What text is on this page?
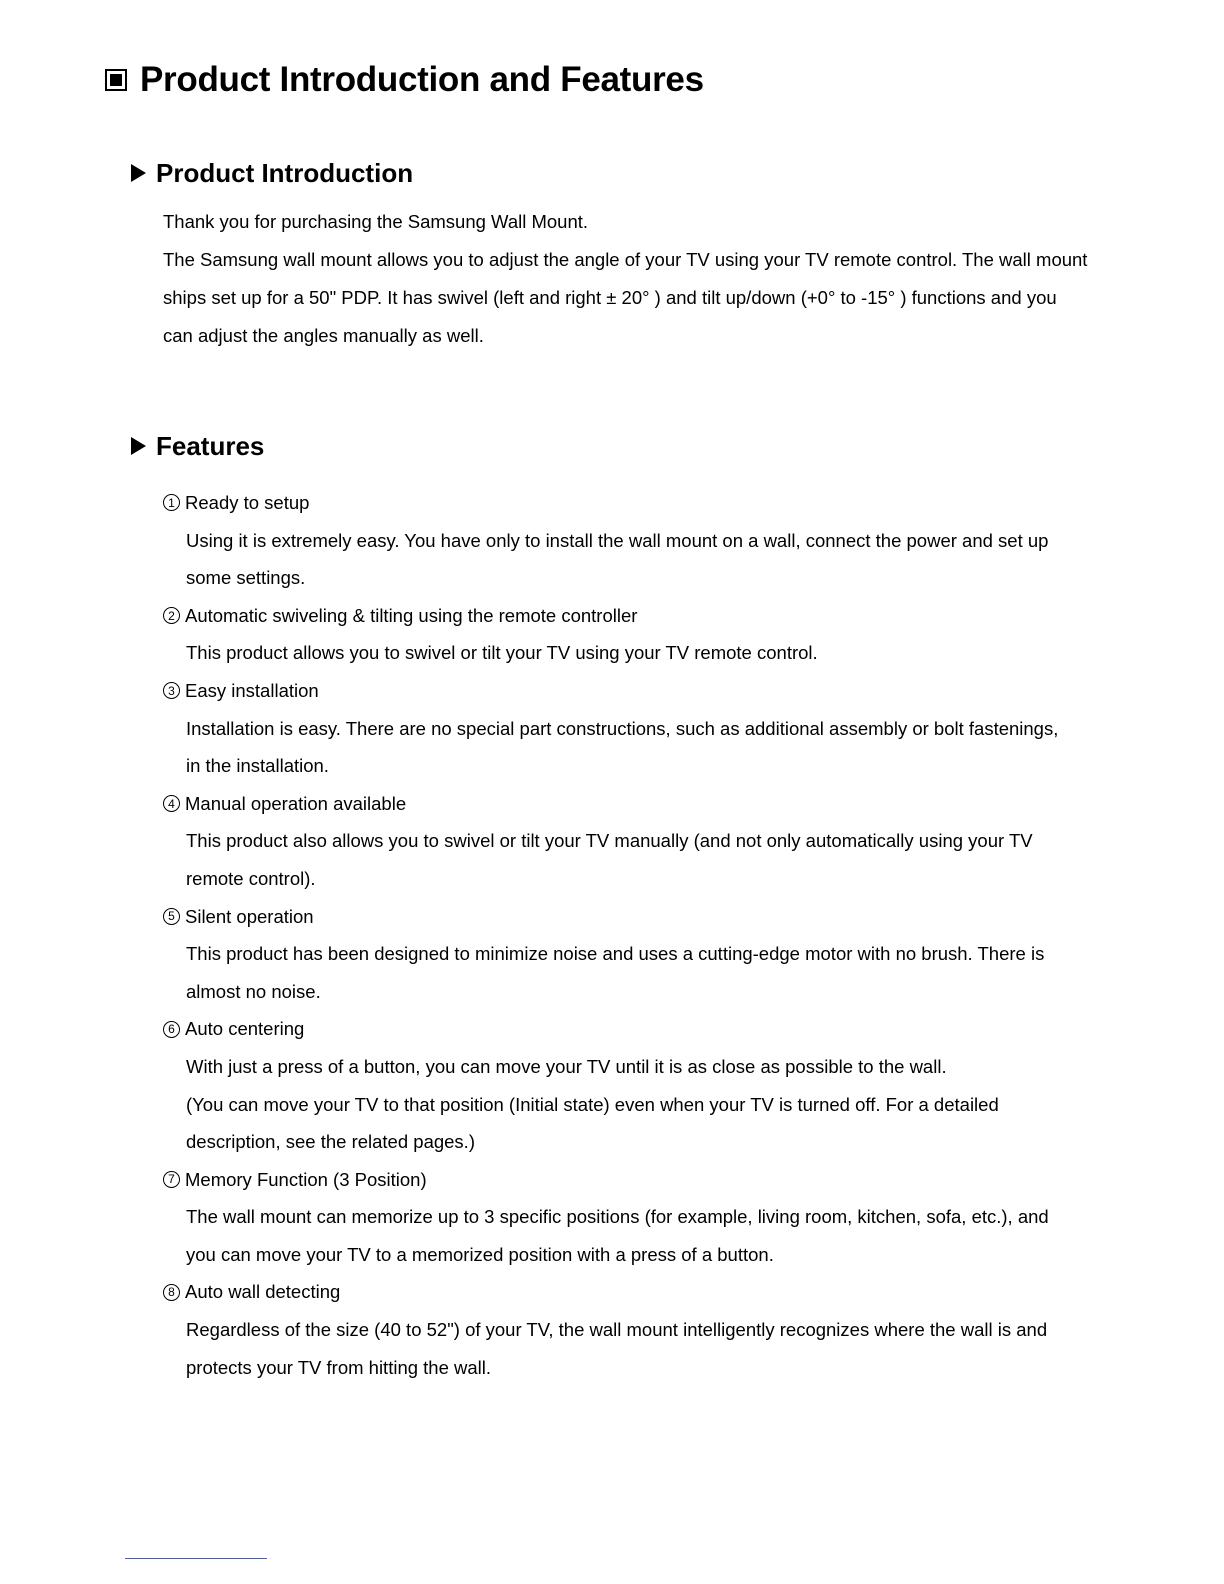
Product Introduction and Features
Product Introduction

Thank you for purchasing the Samsung Wall Mount.
The Samsung wall mount allows you to adjust the angle of your TV using your TV remote control. The wall mount
ships set up for a 50" PDP. It has swivel (left and right ± 20° ) and tilt up/down (+0° to -15° ) functions and you
can adjust the angles manually as well.

Features
1 Ready to setup
Using it is extremely easy. You have only to install the wall mount on a wall, connect the power and set up
some settings.
2 Automatic swiveling & tilting using the remote controller
This product allows you to swivel or tilt your TV using your TV remote control.
3 Easy installation
Installation is easy. There are no special part constructions, such as additional assembly or bolt fastenings,
in the installation.
4 Manual operation available
This product also allows you to swivel or tilt your TV manually (and not only automatically using your TV
remote control).
5 Silent operation
This product has been designed to minimize noise and uses a cutting-edge motor with no brush. There is
almost no noise.
6 Auto centering
With just a press of a button, you can move your TV until it is as close as possible to the wall.
(You can move your TV to that position (Initial state) even when your TV is turned off. For a detailed
description, see the related pages.)
7 Memory Function (3 Position)
The wall mount can memorize up to 3 specific positions (for example, living room, kitchen, sofa, etc.), and
you can move your TV to a memorized position with a press of a button.
8 Auto wall detecting
Regardless of the size (40 to 52") of your TV, the wall mount intelligently recognizes where the wall is and
protects your TV from hitting the wall.
